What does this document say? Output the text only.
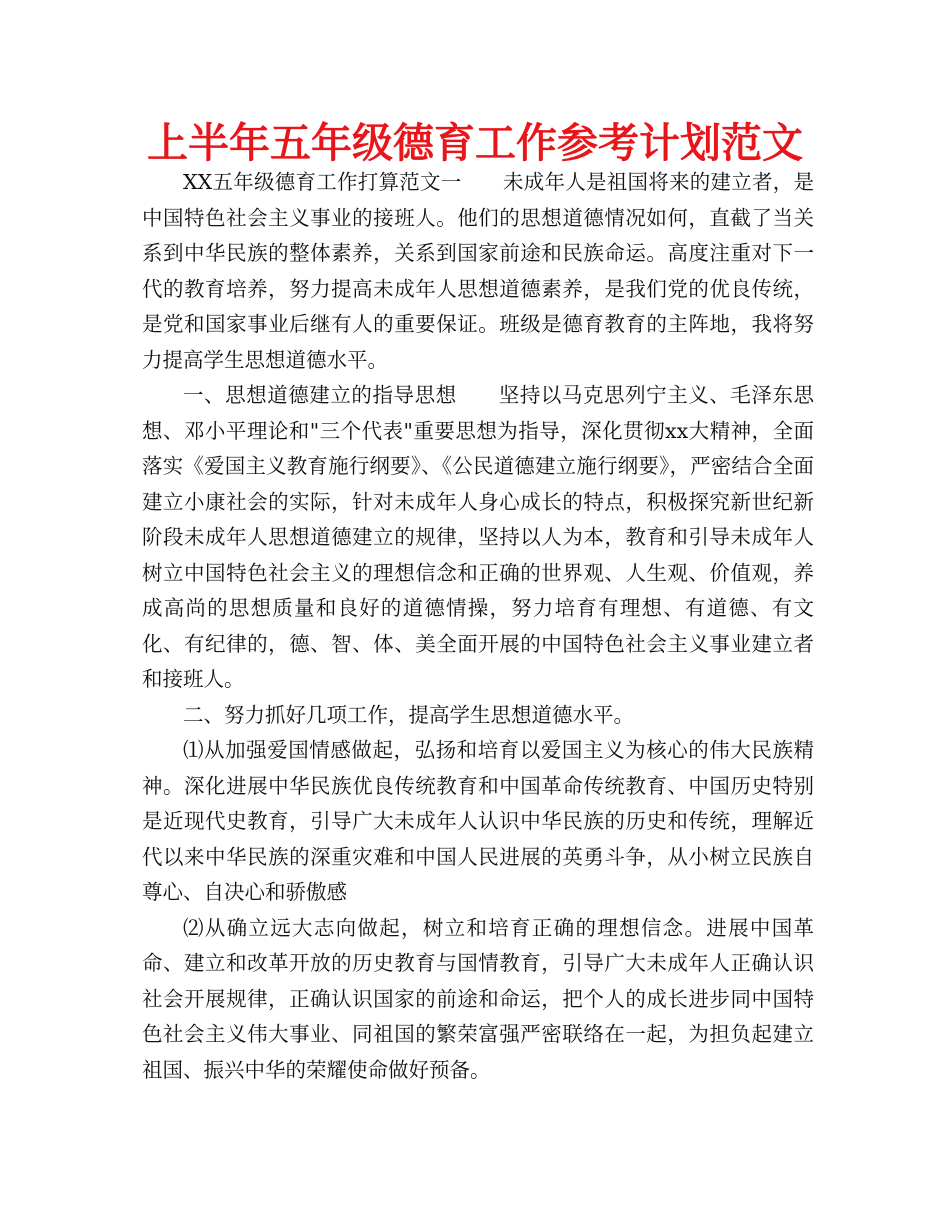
上半年五年级德育工作参考计划范文

XX五年级德育工作打算范文一　　未成年人是祖国将来的建立者，是中国特色社会主义事业的接班人。他们的思想道德情况如何，直截了当关系到中华民族的整体素养，关系到国家前途和民族命运。高度注重对下一代的教育培养，努力提高未成年人思想道德素养，是我们党的优良传统，是党和国家事业后继有人的重要保证。班级是德育教育的主阵地，我将努力提高学生思想道德水平。

一、思想道德建立的指导思想　　坚持以马克思列宁主义、毛泽东思想、邓小平理论和"三个代表"重要思想为指导，深化贯彻xx大精神，全面落实《爱国主义教育施行纲要》、《公民道德建立施行纲要》，严密结合全面建立小康社会的实际，针对未成年人身心成长的特点，积极探究新世纪新阶段未成年人思想道德建立的规律，坚持以人为本，教育和引导未成年人树立中国特色社会主义的理想信念和正确的世界观、人生观、价值观，养成高尚的思想质量和良好的道德情操，努力培育有理想、有道德、有文化、有纪律的，德、智、体、美全面开展的中国特色社会主义事业建立者和接班人。

二、努力抓好几项工作，提高学生思想道德水平。

⑴从加强爱国情感做起，弘扬和培育以爱国主义为核心的伟大民族精神。深化进展中华民族优良传统教育和中国革命传统教育、中国历史特别是近现代史教育，引导广大未成年人认识中华民族的历史和传统，理解近代以来中华民族的深重灾难和中国人民进展的英勇斗争，从小树立民族自尊心、自决心和骄傲感

⑵从确立远大志向做起，树立和培育正确的理想信念。进展中国革命、建立和改革开放的历史教育与国情教育，引导广大未成年人正确认识社会开展规律，正确认识国家的前途和命运，把个人的成长进步同中国特色社会主义伟大事业、同祖国的繁荣富强严密联络在一起，为担负起建立祖国、振兴中华的荣耀使命做好预备。
